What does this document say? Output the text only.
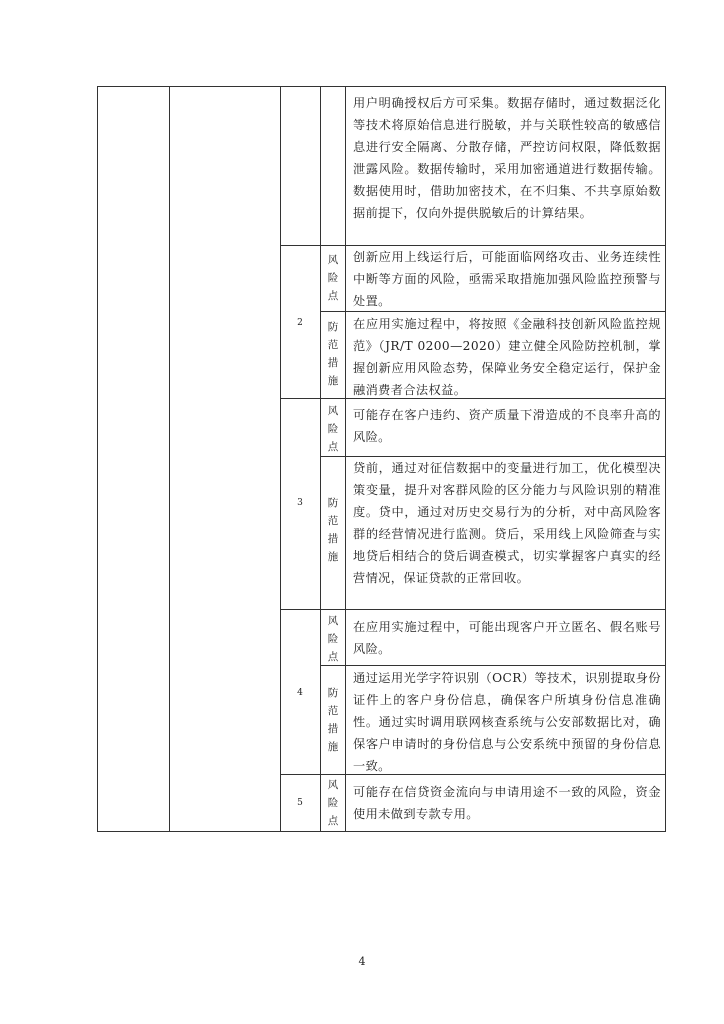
用户明确授权后方可采集。数据存储时，通过数据泛化等技术将原始信息进行脱敏，并与关联性较高的敏感信息进行安全隔离、分散存储，严控访问权限，降低数据泄露风险。数据传输时，采用加密通道进行数据传输。数据使用时，借助加密技术，在不归集、不共享原始数据前提下，仅向外提供脱敏后的计算结果。
2
风险点
创新应用上线运行后，可能面临网络攻击、业务连续性中断等方面的风险，亟需采取措施加强风险监控预警与处置。
防范措施
在应用实施过程中，将按照《金融科技创新风险监控规范》（JR/T 0200—2020）建立健全风险防控机制，掌握创新应用风险态势，保障业务安全稳定运行，保护金融消费者合法权益。
3
风险点
可能存在客户违约、资产质量下滑造成的不良率升高的风险。
防范措施
贷前，通过对征信数据中的变量进行加工，优化模型决策变量，提升对客群风险的区分能力与风险识别的精准度。贷中，通过对历史交易行为的分析，对中高风险客群的经营情况进行监测。贷后，采用线上风险筛查与实地贷后相结合的贷后调查模式，切实掌握客户真实的经营情况，保证贷款的正常回收。
4
风险点
在应用实施过程中，可能出现客户开立匿名、假名账号风险。
防范措施
通过运用光学字符识别（OCR）等技术，识别提取身份证件上的客户身份信息，确保客户所填身份信息准确性。通过实时调用联网核查系统与公安部数据比对，确保客户申请时的身份信息与公安系统中预留的身份信息一致。
5
风险点
可能存在信贷资金流向与申请用途不一致的风险，资金使用未做到专款专用。
4
